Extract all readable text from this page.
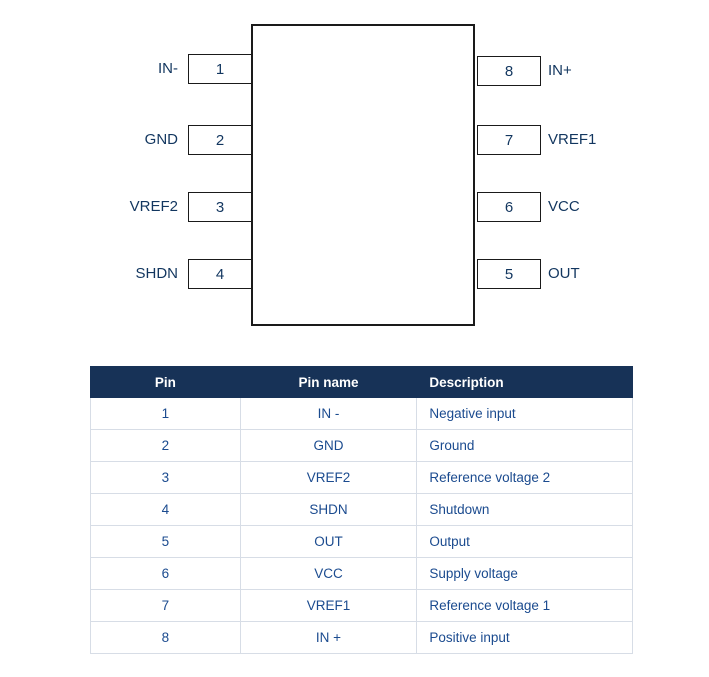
1
IN-
2
GND
3
VREF2
4
SHDN
8	IN+
7	VREF1
6	VCC
5	OUT
Pin	Pin name	Description
1	IN -	Negative input
2	GND	Ground
3	VREF2	Reference voltage 2
4	SHDN	Shutdown
5	OUT	Output
6	VCC	Supply voltage
7	VREF1	Reference voltage 1
8	IN +	Positive input
